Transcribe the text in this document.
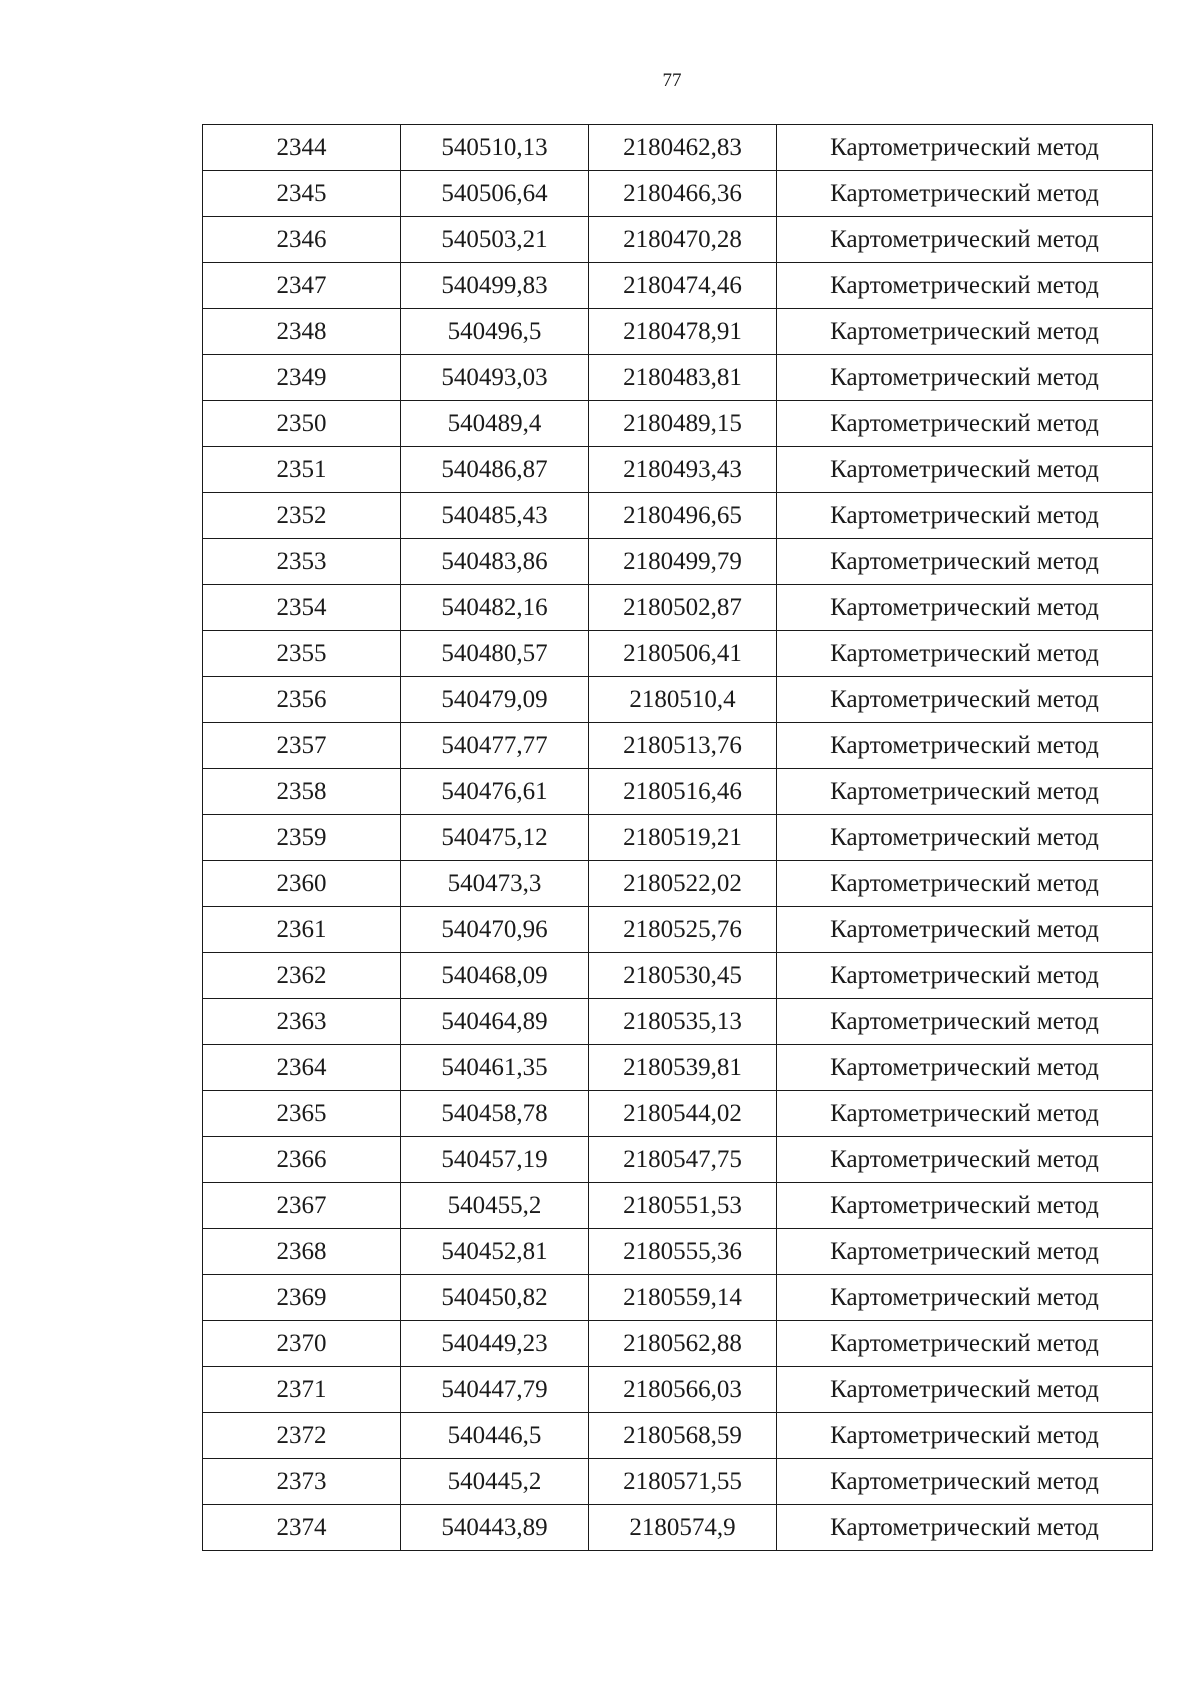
77
2344	540510,13	2180462,83	Картометрический метод
2345	540506,64	2180466,36	Картометрический метод
2346	540503,21	2180470,28	Картометрический метод
2347	540499,83	2180474,46	Картометрический метод
2348	540496,5	2180478,91	Картометрический метод
2349	540493,03	2180483,81	Картометрический метод
2350	540489,4	2180489,15	Картометрический метод
2351	540486,87	2180493,43	Картометрический метод
2352	540485,43	2180496,65	Картометрический метод
2353	540483,86	2180499,79	Картометрический метод
2354	540482,16	2180502,87	Картометрический метод
2355	540480,57	2180506,41	Картометрический метод
2356	540479,09	2180510,4	Картометрический метод
2357	540477,77	2180513,76	Картометрический метод
2358	540476,61	2180516,46	Картометрический метод
2359	540475,12	2180519,21	Картометрический метод
2360	540473,3	2180522,02	Картометрический метод
2361	540470,96	2180525,76	Картометрический метод
2362	540468,09	2180530,45	Картометрический метод
2363	540464,89	2180535,13	Картометрический метод
2364	540461,35	2180539,81	Картометрический метод
2365	540458,78	2180544,02	Картометрический метод
2366	540457,19	2180547,75	Картометрический метод
2367	540455,2	2180551,53	Картометрический метод
2368	540452,81	2180555,36	Картометрический метод
2369	540450,82	2180559,14	Картометрический метод
2370	540449,23	2180562,88	Картометрический метод
2371	540447,79	2180566,03	Картометрический метод
2372	540446,5	2180568,59	Картометрический метод
2373	540445,2	2180571,55	Картометрический метод
2374	540443,89	2180574,9	Картометрический метод
